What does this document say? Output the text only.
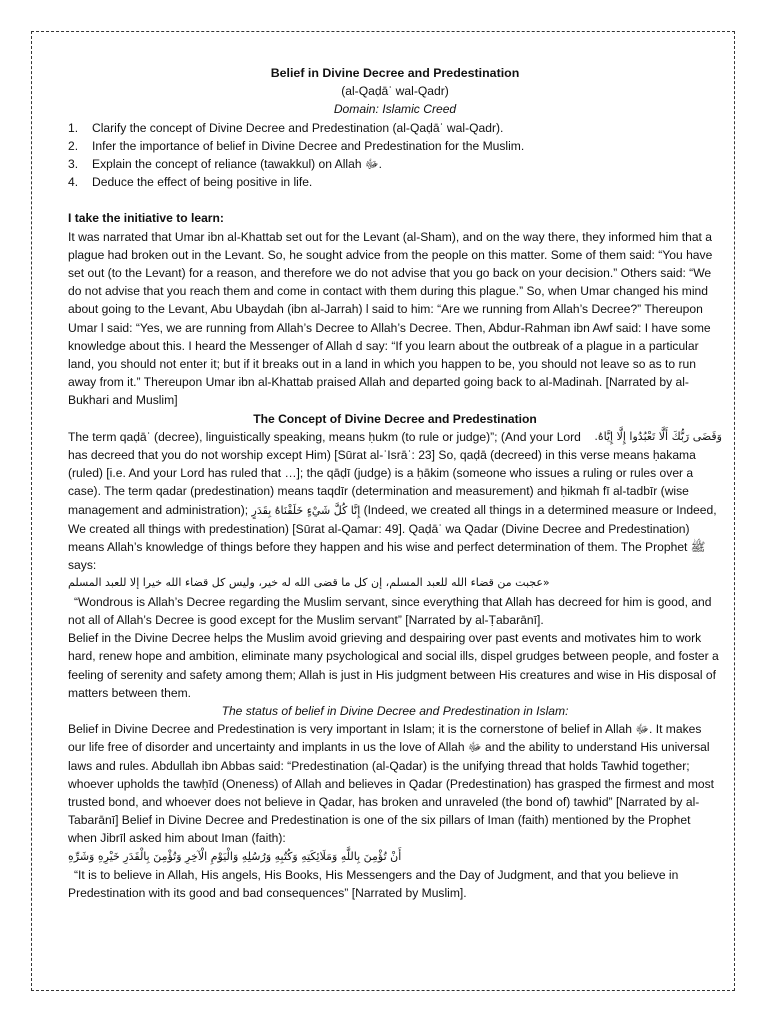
Belief in Divine Decree and Predestination
(al-Qaḍāʾ wal-Qadr)
Domain: Islamic Creed
1. Clarify the concept of Divine Decree and Predestination (al-Qaḍāʾ wal-Qadr).
2. Infer the importance of belief in Divine Decree and Predestination for the Muslim.
3. Explain the concept of reliance (tawakkul) on Allah ﷻ.
4. Deduce the effect of being positive in life.
I take the initiative to learn:

It was narrated that Umar ibn al-Khattab set out for the Levant (al-Sham), and on the way there, they informed him that a plague had broken out in the Levant. So, he sought advice from the people on this matter. Some of them said: “You have set out (to the Levant) for a reason, and therefore we do not advise that you go back on your decision.” Others said: “We do not advise that you reach them and come in contact with them during this plague.” So, when Umar changed his mind about going to the Levant, Abu Ubaydah (ibn al-Jarrah) l said to him: “Are we running from Allah’s Decree?” Thereupon Umar l said: “Yes, we are running from Allah’s Decree to Allah’s Decree. Then, Abdur-Rahman ibn Awf said: I have some knowledge about this. I heard the Messenger of Allah d say: “If you learn about the outbreak of a plague in a particular land, you should not enter it; but if it breaks out in a land in which you happen to be, you should not leave so as to run away from it.” Thereupon Umar ibn al-Khattab praised Allah and departed going back to al-Madinah. [Narrated by al-Bukhari and Muslim]

The Concept of Divine Decree and Predestination

The term qaḍāʾ (decree), linguistically speaking, means ḥukm (to rule or judge)”;	وَقَضَى رَبُّكَ أَلَّا تَعْبُدُوا إِلَّا إِيَّاهُ.
(And your Lord has decreed that you do not worship except Him) [Sūrat al-ʾIsrāʾ: 23] So, qaḍā (decreed) in this verse means ḥakama (ruled) [i.e. And your Lord has ruled that …]; the qāḍī (judge) is a ḥākim (someone who issues a ruling or rules over a case). The term qadar (predestination) means taqdīr (determination and measurement) and ḥikmah fī al-tadbīr (wise management and administration); إِنَّا كُلَّ شَيْءٍ خَلَقْنَاهُ بِقَدَرٍ (Indeed, we created all things in a determined measure or Indeed, We created all things with predestination) [Sūrat al-Qamar: 49]. Qaḍāʾ wa Qadar (Divine Decree and Predestination) means Allah’s knowledge of things before they happen and his wise and perfect determination of them. The Prophet ﷺ says:

«عجبت من قضاء الله للعبد المسلم، إن كل ما قضى الله له خير، وليس كل قضاء الله خيرا إلا للعبد المسلم

“Wondrous is Allah’s Decree regarding the Muslim servant, since everything that Allah has decreed for him is good, and not all of Allah’s Decree is good except for the Muslim servant” [Narrated by al-Ṭabarānī].

Belief in the Divine Decree helps the Muslim avoid grieving and despairing over past events and motivates him to work hard, renew hope and ambition, eliminate many psychological and social ills, dispel grudges between people, and foster a feeling of serenity and safety among them; Allah is just in His judgment between His creatures and wise in His disposal of matters between them.

The status of belief in Divine Decree and Predestination in Islam:

Belief in Divine Decree and Predestination is very important in Islam; it is the cornerstone of belief in Allah ﷻ. It makes our life free of disorder and uncertainty and implants in us the love of Allah ﷻ and the ability to understand His universal laws and rules. Abdullah ibn Abbas said: “Predestination (al-Qadar) is the unifying thread that holds Tawhid together; whoever upholds the tawḥīd (Oneness) of Allah and believes in Qadar (Predestination) has grasped the firmest and most trusted bond, and whoever does not believe in Qadar, has broken and unraveled (the bond of) tawhid” [Narrated by al-Tabarānī] Belief in Divine Decree and Predestination is one of the six pillars of Iman (faith) mentioned by the Prophet when Jibrīl asked him about Iman (faith):

أَنْ تُؤْمِنَ بِاللَّهِ وَمَلَائِكَتِهِ وَكُتُبِهِ وَرُسُلِهِ وَالْيَوْمِ الْآخِرِ وَتُؤْمِنَ بِالْقَدَرِ خَيْرِهِ وَشَرِّهِ

“It is to believe in Allah, His angels, His Books, His Messengers and the Day of Judgment, and that you believe in Predestination with its good and bad consequences” [Narrated by Muslim].
